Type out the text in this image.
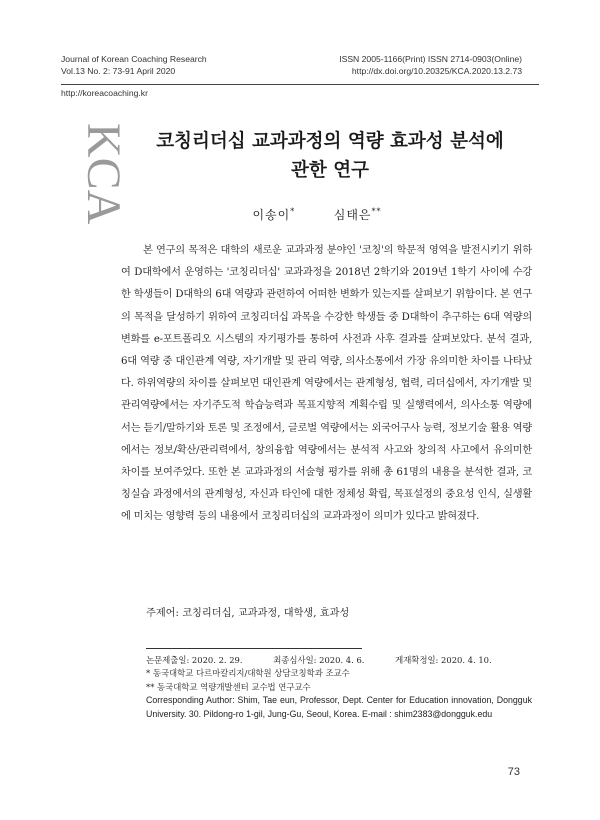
Journal of Korean Coaching Research
Vol.13 No. 2: 73-91 April 2020
ISSN 2005-1166(Print) ISSN 2714-0903(Online)
http://dx.doi.org/10.20325/KCA.2020.13.2.73
http://koreacoaching.kr
KCA	코칭리더십 교과과정의 역량 효과성 분석에
관한 연구
이송이*	심태은**
본 연구의 목적은 대학의 새로운 교과과정 분야인 '코칭'의 학문적 영역을 발전시키기 위하여 D대학에서 운영하는 '코칭리더십' 교과과정을 2018년 2학기와 2019년 1학기 사이에 수강한 학생들이 D대학의 6대 역량과 관련하여 어떠한 변화가 있는지를 살펴보기 위함이다. 본 연구의 목적을 달성하기 위하여 코칭리더십 과목을 수강한 학생들 중 D대학이 추구하는 6대 역량의 변화를 e-포트폴리오 시스템의 자기평가를 통하여 사전과 사후 결과를 살펴보았다. 분석 결과, 6대 역량 중 대인관계 역량, 자기개발 및 관리 역량, 의사소통에서 가장 유의미한 차이를 나타났다. 하위역량의 차이를 살펴보면 대인관계 역량에서는 관계형성, 협력, 리더십에서, 자기개발 및 관리역량에서는 자기주도적 학습능력과 목표지향적 계획수립 및 실행력에서, 의사소통 역량에서는 듣기/말하기와 토론 및 조정에서, 글로벌 역량에서는 외국어구사 능력, 정보기술 활용 역량에서는 정보/확산/관리력에서, 창의융합 역량에서는 분석적 사고와 창의적 사고에서 유의미한 차이를 보여주었다. 또한 본 교과과정의 서술형 평가를 위해 총 61명의 내용을 분석한 결과, 코칭실습 과정에서의 관계형성, 자신과 타인에 대한 정체성 확립, 목표설정의 중요성 인식, 실생활에 미치는 영향력 등의 내용에서 코칭리더십의 교과과정이 의미가 있다고 밝혀졌다.
주제어: 코칭리더십, 교과과정, 대학생, 효과성
논문제출일: 2020. 2. 29.	최종심사일: 2020. 4. 6.	게재확정일: 2020. 4. 10.
* 동국대학교 다르마칼리지/대학원 상담코칭학과 조교수
** 동국대학교 역량개발센터 교수법 연구교수
Corresponding Author: Shim, Tae eun, Professor, Dept. Center for Education innovation, Dongguk University. 30. Pildong-ro 1-gil, Jung-Gu, Seoul, Korea. E-mail : shim2383@dongguk.edu
73
